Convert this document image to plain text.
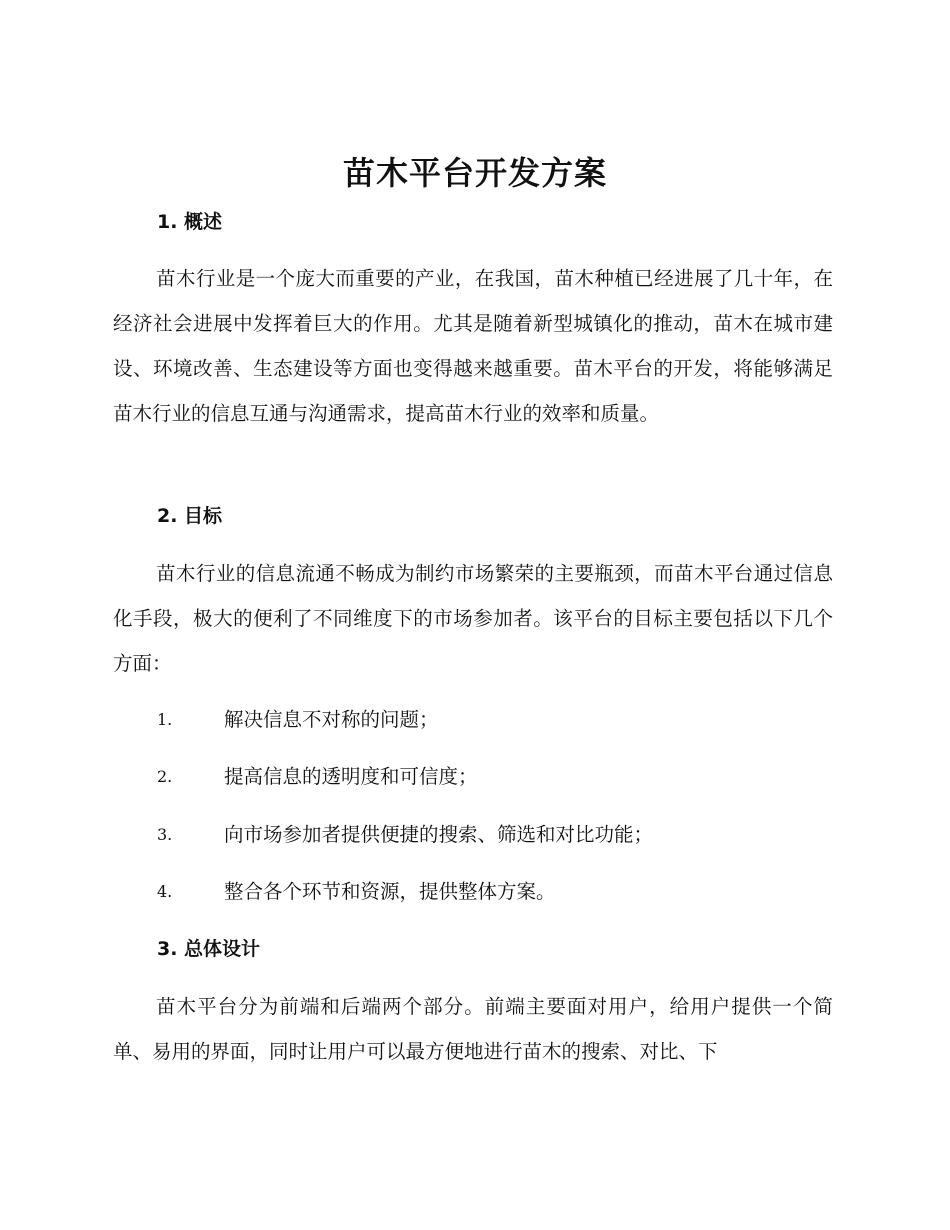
苗木平台开发方案
1. 概述
苗木行业是一个庞大而重要的产业，在我国，苗木种植已经进展了几十年，在经济社会进展中发挥着巨大的作用。尤其是随着新型城镇化的推动，苗木在城市建设、环境改善、生态建设等方面也变得越来越重要。苗木平台的开发，将能够满足苗木行业的信息互通与沟通需求，提高苗木行业的效率和质量。
2. 目标
苗木行业的信息流通不畅成为制约市场繁荣的主要瓶颈，而苗木平台通过信息化手段，极大的便利了不同维度下的市场参加者。该平台的目标主要包括以下几个方面：
1.	解决信息不对称的问题；
2.	提高信息的透明度和可信度；
3.	向市场参加者提供便捷的搜索、筛选和对比功能；
4.	整合各个环节和资源，提供整体方案。
3. 总体设计
苗木平台分为前端和后端两个部分。前端主要面对用户，给用户提供一个简单、易用的界面，同时让用户可以最方便地进行苗木的搜索、对比、下
